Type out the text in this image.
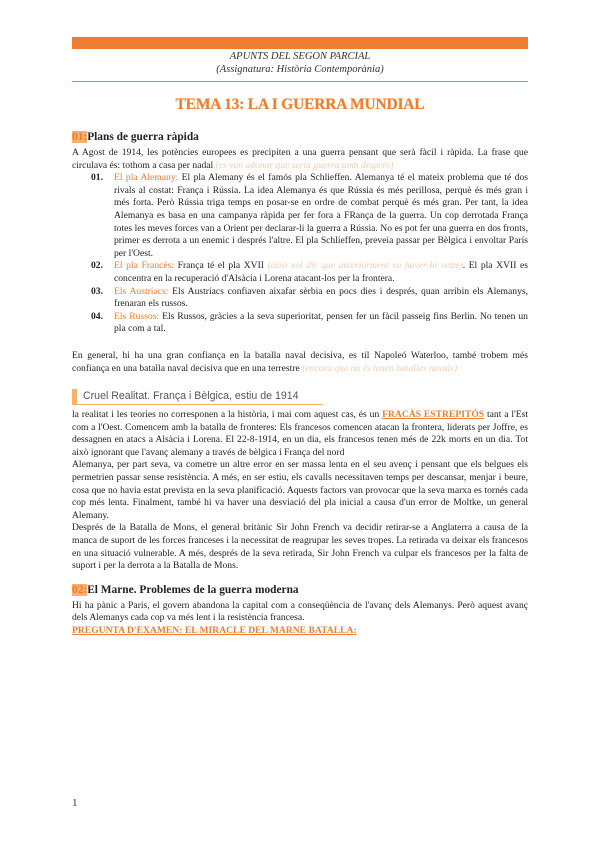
APUNTS DEL SEGON PARCIAL
(Assignatura: Història Contemporània)
TEMA 13: LA I GUERRA MUNDIAL
01:Plans de guerra ràpida

A Agost de 1914, les potències europees es precipiten a una guerra pensant que serà fàcil i ràpida. La frase que circulava és: tothom a casa per nadal (es van adonar que seria guerra amb després)

01. El pla Alemany: El pla Alemany és el famós pla Schlieffen. Alemanya té el mateix problema que té dos rivals al costat: França i Rússia. La idea Alemanya és que Rússia és més perillosa, perquè és més gran i més forta. Però Rússia triga temps en posar-se en ordre de combat perquè és més gran. Per tant, la idea Alemanya es basa en una campanya ràpida per fer fora a FRança de la guerra. Un cop derrotada França totes les meves forces van a Orient per declarar-li la guerra a Rússia. No es pot fer una guerra en dos fronts, primer es derrota a un enemic i després l'altre. El pla Schlieffen, preveia passar per Bèlgica i envoltar París per l'Oest.
02. El pla Francès: França té el pla XVII (això vol dir que anteriorment va haver-hi setze). El pla XVII es concentra en la recuperació d'Alsàcia i Lorena atacant-los per la frontera.
03. Els Austríacs: Els Austríacs confiaven aixafar sèrbia en pocs dies i després, quan arribin els Alemanys, frenaran els russos.
04. Els Russos: Els Russos, gràcies a la seva superioritat, pensen fer un fàcil passeig fins Berlin. No tenen un pla com a tal.

En general, hi ha una gran confiança en la batalla naval decisiva, es til Napoleó Waterloo, també trobem més confiança en una batalla naval decisiva que en una terrestre (encara que no és tenen batalles navals)

Cruel Realitat. França i Bèlgica, estiu de 1914

la realitat i les teories no corresponen a la història, i mai com aquest cas, és un FRACÀS ESTREPITÓS tant a l'Est com a l'Oest. Comencem amb la batalla de fronteres: Els francesos comencen atacan la frontera, liderats per Joffre, es dessagnen en atacs a Alsàcia i Lorena. El 22-8-1914, en un dia, els francesos tenen més de 22k morts en un dia. Tot això ignorant que l'avanç alemany a través de bèlgica i França del nord

Alemanya, per part seva, va cometre un altre error en ser massa lenta en el seu avenç i pensant que els belgues els permetrien passar sense resistència. A més, en ser estiu, els cavalls necessitaven temps per descansar, menjar i beure, cosa que no havia estat prevista en la seva planificació. Aquests factors van provocar que la seva marxa es tornés cada cop més lenta. Finalment, també hi va haver una desviació del pla inicial a causa d'un error de Moltke, un general Alemany.

Després de la Batalla de Mons, el general britànic Sir John French va decidir retirar-se a Anglaterra a causa de la manca de suport de les forces franceses i la necessitat de reagrupar les seves tropes. La retirada va deixar els francesos en una situació vulnerable. A més, després de la seva retirada, Sir John French va culpar els francesos per la falta de suport i per la derrota a la Batalla de Mons.

02:El Marne. Problemes de la guerra moderna

Hi ha pànic a París, el govern abandona la capital com a conseqüència de l'avanç dels Alemanys. Però aquest avanç dels Alemanys cada cop va més lent i la resistència francesa.

PREGUNTA D'EXAMEN: EL MIRACLE DEL MARNE BATALLA:

1
